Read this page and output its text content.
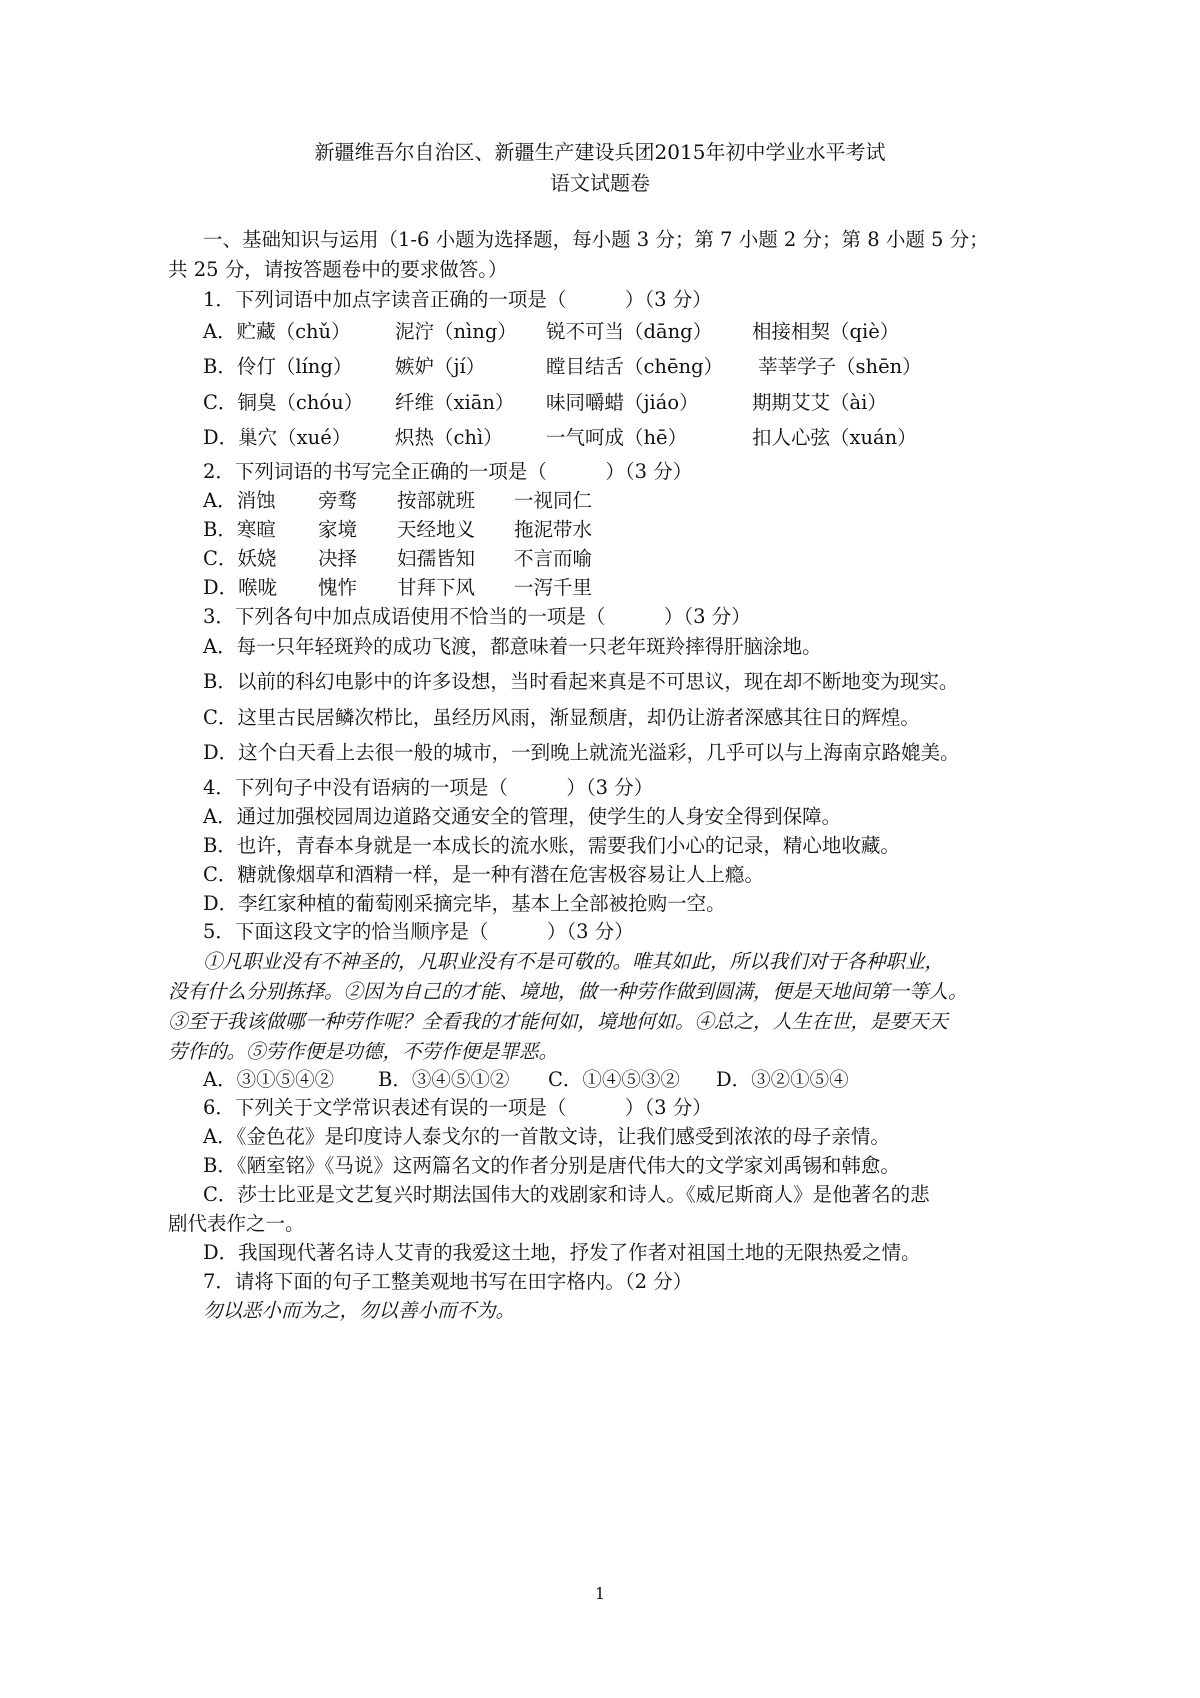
新疆维吾尔自治区、新疆生产建设兵团2015年初中学业水平考试
语文试题卷
一、基础知识与运用（1-6 小题为选择题，每小题 3 分；第 7 小题 2 分；第 8 小题 5 分；
共 25 分，请按答题卷中的要求做答。）
1．下列词语中加点字读音正确的一项是（　　　）（3 分）
A．贮藏（chǔ） 泥泞（nìng） 锐不可当（dāng） 相接相契（qiè）
B．伶仃（líng） 嫉妒（jí）	瞠目结舌（chēng） 莘莘学子（shēn）
C．铜臭（chóu） 纤维（xiān） 味同嚼蜡（jiáo）	期期艾艾（ài）
D．巢穴（xué） 炽热（chì） 一气呵成（hē）	扣人心弦（xuán）
2．下列词语的书写完全正确的一项是（　　　）（3 分）
A．消蚀 旁骛 按部就班 一视同仁
B．寒暄 家境 天经地义 拖泥带水
C．妖娆 决择 妇孺皆知 不言而喻
D．喉咙 愧怍 甘拜下风 一泻千里
3．下列各句中加点成语使用不恰当的一项是（　　　）（3 分）
A．每一只年轻斑羚的成功飞渡，都意味着一只老年斑羚摔得肝脑涂地。
B．以前的科幻电影中的许多设想，当时看起来真是不可思议，现在却不断地变为现实。
C．这里古民居鳞次栉比，虽经历风雨，渐显颓唐，却仍让游者深感其往日的辉煌。
D．这个白天看上去很一般的城市，一到晚上就流光溢彩，几乎可以与上海南京路媲美。
4．下列句子中没有语病的一项是（　　　）（3 分）
A．通过加强校园周边道路交通安全的管理，使学生的人身安全得到保障。
B．也许，青春本身就是一本成长的流水账，需要我们小心的记录，精心地收藏。
C．糖就像烟草和酒精一样，是一种有潜在危害极容易让人上瘾。
D．李红家种植的葡萄刚采摘完毕，基本上全部被抢购一空。
5．下面这段文字的恰当顺序是（　　　）（3 分）
①凡职业没有不神圣的，凡职业没有不是可敬的。唯其如此，所以我们对于各种职业，
没有什么分别拣择。②因为自己的才能、境地，做一种劳作做到圆满，便是天地间第一等人。
③至于我该做哪一种劳作呢？全看我的才能何如，境地何如。④总之，人生在世，是要天天
劳作的。⑤劳作便是功德，不劳作便是罪恶。
A．③①⑤④② B．③④⑤①② C．①④⑤③② D．③②①⑤④
6．下列关于文学常识表述有误的一项是（　　　）（3 分）
A．《金色花》是印度诗人泰戈尔的一首散文诗，让我们感受到浓浓的母子亲情。
B．《陋室铭》《马说》这两篇名文的作者分别是唐代伟大的文学家刘禹锡和韩愈。
C．莎士比亚是文艺复兴时期法国伟大的戏剧家和诗人。《威尼斯商人》是他著名的悲
剧代表作之一。
D．我国现代著名诗人艾青的我爱这土地，抒发了作者对祖国土地的无限热爱之情。
7．请将下面的句子工整美观地书写在田字格内。（2 分）
勿以恶小而为之，勿以善小而不为。
1
